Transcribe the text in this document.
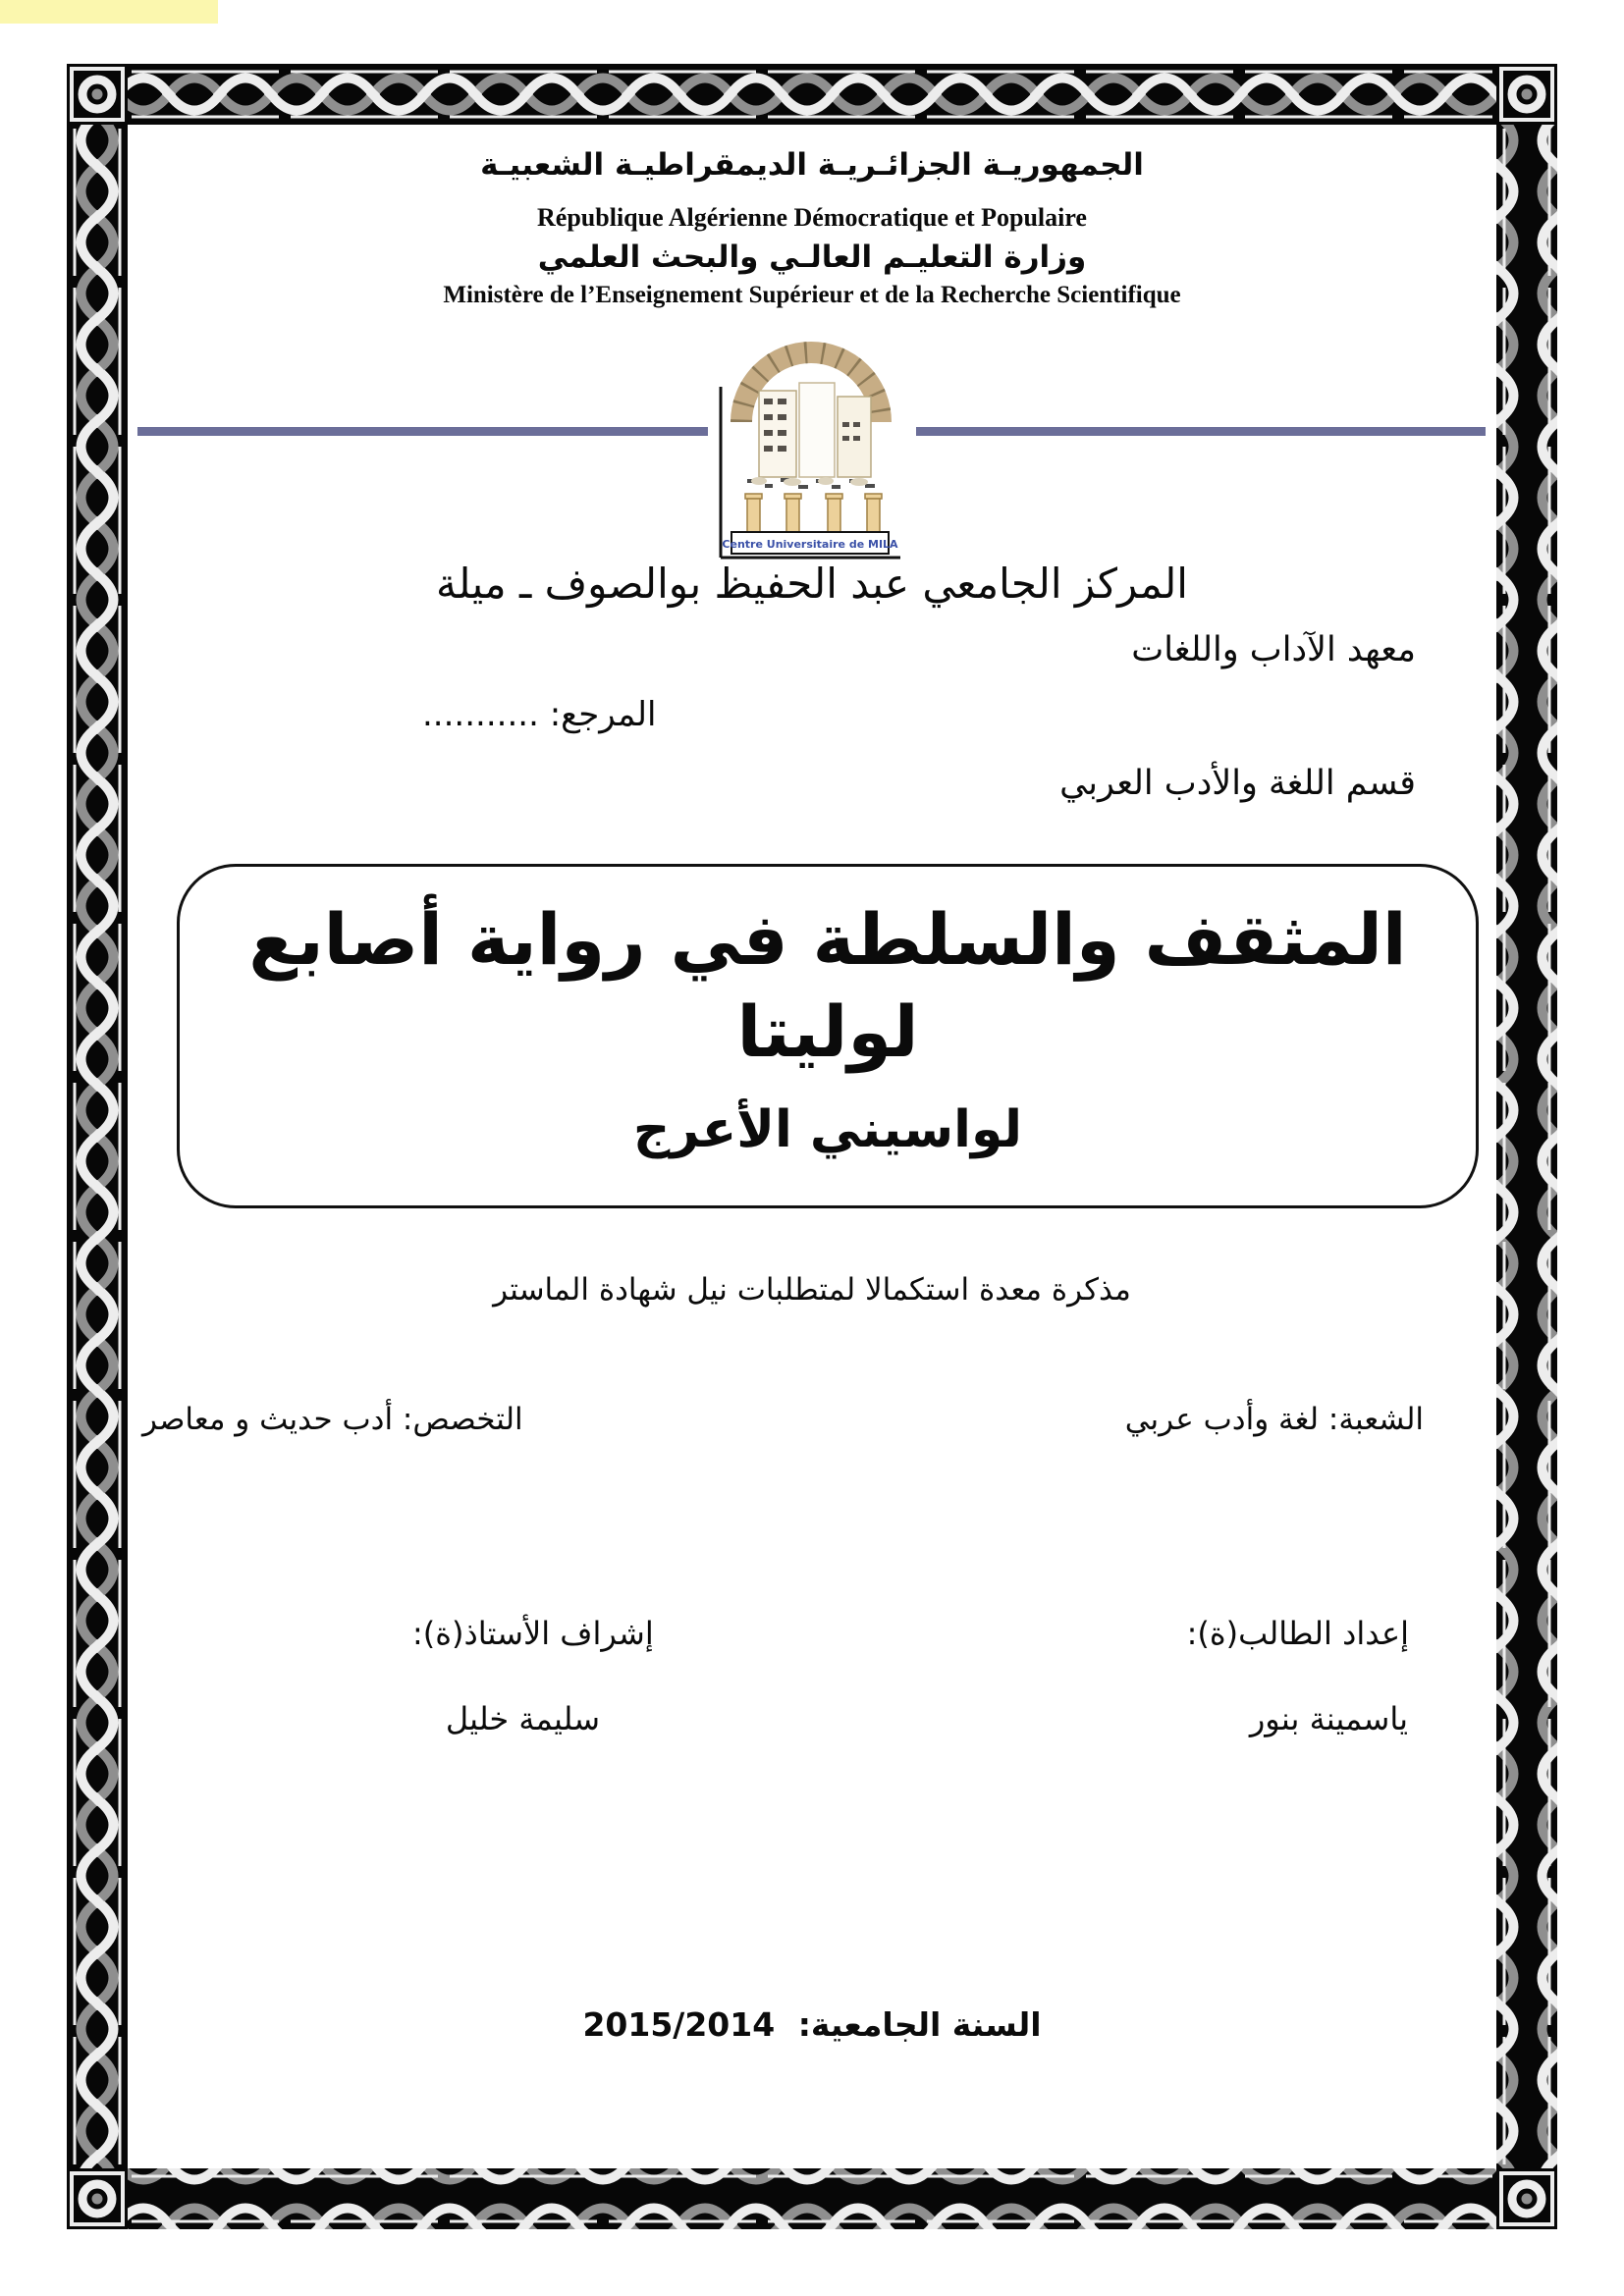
الجمهوريـة الجزائـريـة الديمقراطيـة الشعبيـة
République Algérienne Démocratique et Populaire
وزارة التعليـم العالـي والبحث العلمي
Ministère de l’Enseignement Supérieur et de la Recherche Scientifique
Centre Universitaire de MILA
المركز الجامعي عبد الحفيظ بوالصوف ـ ميلة
معهد الآداب واللغات
المرجع: ...........
قسم اللغة والأدب العربي
المثقف والسلطة في رواية أصابع لوليتا
لواسيني الأعرج
مذكرة معدة استكمالا لمتطلبات نيل شهادة الماستر
الشعبة: لغة وأدب عربي
التخصص: أدب حديث و معاصر
إعداد الطالب(ة):
إشراف الأستاذ(ة):
ياسمينة بنور
سليمة خليل
السنة الجامعية: 2015/2014
